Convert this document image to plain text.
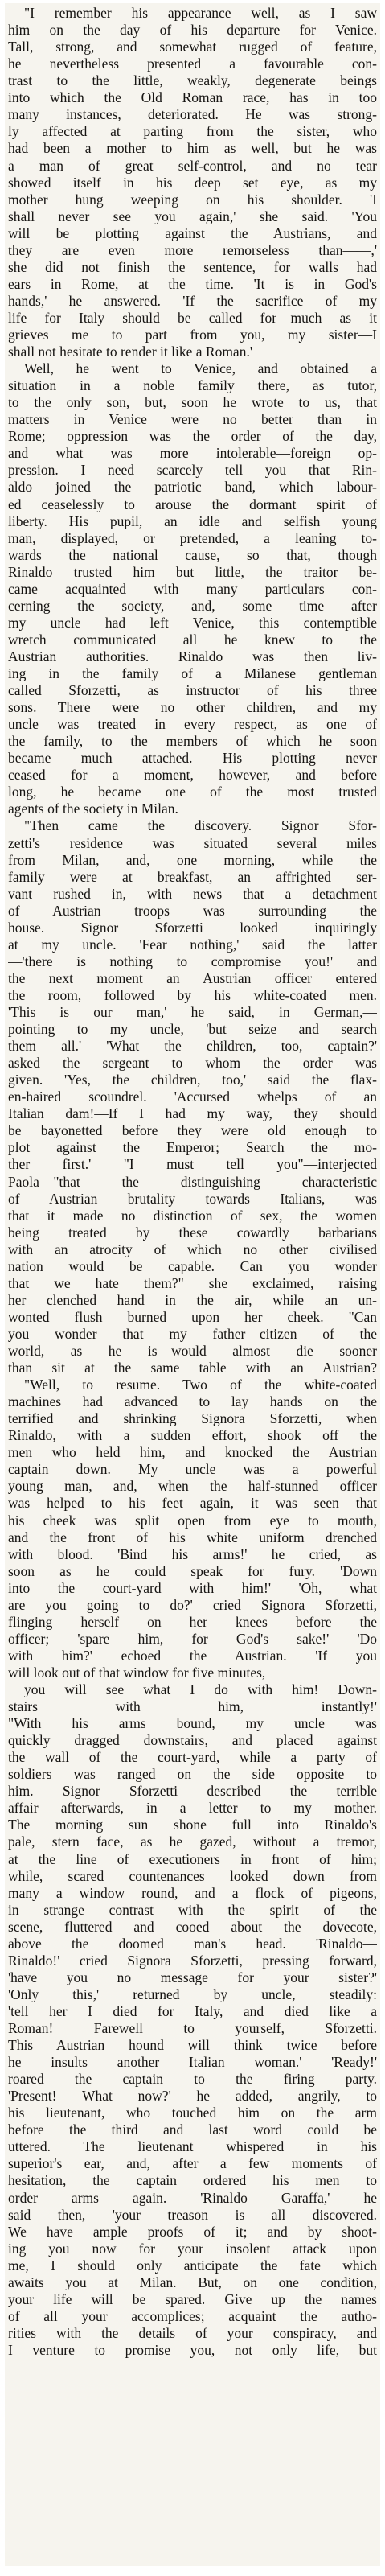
"I remember his appearance well, as I saw
him on the day of his departure for Venice.
Tall, strong, and somewhat rugged of feature,
he nevertheless presented a favourable con-
trast to the little, weakly, degenerate beings
into which the Old Roman race, has in too
many instances, deteriorated. He was strong-
ly affected at parting from the sister, who
had been a mother to him as well, but he was
a man of great self-control, and no tear
showed itself in his deep set eye, as my
mother hung weeping on his shoulder. 'I
shall never see you again,' she said. 'You
will be plotting against the Austrians, and
they are even more remorseless than——,'
she did not finish the sentence, for walls had
ears in Rome, at the time. 'It is in God's
hands,' he answered. 'If the sacrifice of my
life for Italy should be called for—much as it
grieves me to part from you, my sister—I
shall not hesitate to render it like a Roman.'
Well, he went to Venice, and obtained a
situation in a noble family there, as tutor,
to the only son, but, soon he wrote to us, that
matters in Venice were no better than in
Rome; oppression was the order of the day,
and what was more intolerable—foreign op-
pression. I need scarcely tell you that Rin-
aldo joined the patriotic band, which labour-
ed ceaselessly to arouse the dormant spirit of
liberty. His pupil, an idle and selfish young
man, displayed, or pretended, a leaning to-
wards the national cause, so that, though
Rinaldo trusted him but little, the traitor be-
came acquainted with many particulars con-
cerning the society, and, some time after
my uncle had left Venice, this contemptible
wretch communicated all he knew to the
Austrian authorities. Rinaldo was then liv-
ing in the family of a Milanese gentleman
called Sforzetti, as instructor of his three
sons. There were no other children, and my
uncle was treated in every respect, as one of
the family, to the members of which he soon
became much attached. His plotting never
ceased for a moment, however, and before
long, he became one of the most trusted
agents of the society in Milan.
"Then came the discovery. Signor Sfor-
zetti's residence was situated several miles
from Milan, and, one morning, while the
family were at breakfast, an affrighted ser-
vant rushed in, with news that a detachment
of Austrian troops was surrounding the
house. Signor Sforzetti looked inquiringly
at my uncle. 'Fear nothing,' said the latter
—'there is nothing to compromise you!' and
the next moment an Austrian officer entered
the room, followed by his white-coated men.
'This is our man,' he said, in German,—
pointing to my uncle, 'but seize and search
them all.' 'What the children, too, captain?'
asked the sergeant to whom the order was
given. 'Yes, the children, too,' said the flax-
en-haired scoundrel. 'Accursed whelps of an
Italian dam!—If I had my way, they should
be bayonetted before they were old enough to
plot against the Emperor; Search the mo-
ther first.' "I must tell you"—interjected
Paola—"that the distinguishing characteristic
of Austrian brutality towards Italians, was
that it made no distinction of sex, the women
being treated by these cowardly barbarians
with an atrocity of which no other civilised
nation would be capable. Can you wonder
that we hate them?" she exclaimed, raising
her clenched hand in the air, while an un-
wonted flush burned upon her cheek. "Can
you wonder that my father—citizen of the
world, as he is—would almost die sooner
than sit at the same table with an Austrian?
"Well, to resume. Two of the white-coated
machines had advanced to lay hands on the
terrified and shrinking Signora Sforzetti, when
Rinaldo, with a sudden effort, shook off the
men who held him, and knocked the Austrian
captain down. My uncle was a powerful
young man, and, when the half-stunned officer
was helped to his feet again, it was seen that
his cheek was split open from eye to mouth,
and the front of his white uniform drenched
with blood. 'Bind his arms!' he cried, as
soon as he could speak for fury. 'Down
into the court-yard with him!' 'Oh, what
are you going to do?' cried Signora Sforzetti,
flinging herself on her knees before the
officer; 'spare him, for God's sake!' 'Do
with him?' echoed the Austrian. 'If you
will look out of that window for five minutes,
you will see what I do with him! Down-
stairs with him, instantly!'
"With his arms bound, my uncle was
quickly dragged downstairs, and placed against
the wall of the court-yard, while a party of
soldiers was ranged on the side opposite to
him. Signor Sforzetti described the terrible
affair afterwards, in a letter to my mother.
The morning sun shone full into Rinaldo's
pale, stern face, as he gazed, without a tremor,
at the line of executioners in front of him;
while, scared countenances looked down from
many a window round, and a flock of pigeons,
in strange contrast with the spirit of the
scene, fluttered and cooed about the dovecote,
above the doomed man's head. 'Rinaldo—
Rinaldo!' cried Signora Sforzetti, pressing forward,
'have you no message for your sister?'
'Only this,' returned by uncle, steadily:
'tell her I died for Italy, and died like a
Roman! Farewell to yourself, Sforzetti.
This Austrian hound will think twice before
he insults another Italian woman.' 'Ready!'
roared the captain to the firing party.
'Present! What now?' he added, angrily, to
his lieutenant, who touched him on the arm
before the third and last word could be
uttered. The lieutenant whispered in his
superior's ear, and, after a few moments of
hesitation, the captain ordered his men to
order arms again. 'Rinaldo Garaffa,' he
said then, 'your treason is all discovered.
We have ample proofs of it; and by shoot-
ing you now for your insolent attack upon
me, I should only anticipate the fate which
awaits you at Milan. But, on one condition,
your life will be spared. Give up the names
of all your accomplices; acquaint the autho-
rities with the details of your conspiracy, and
I venture to promise you, not only life, but
